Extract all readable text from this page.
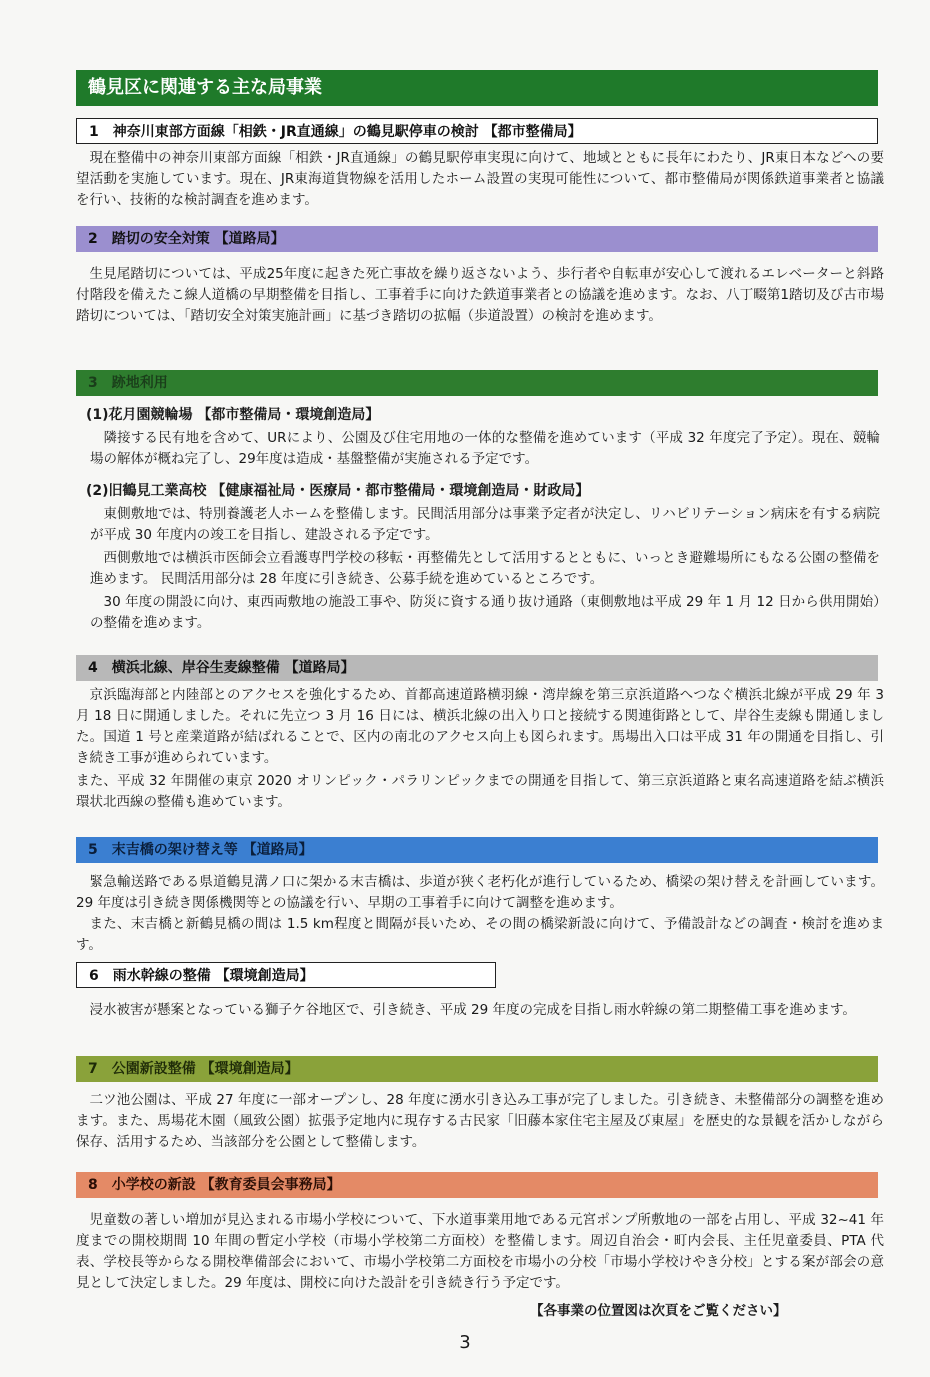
鶴見区に関連する主な局事業
1　神奈川東部方面線「相鉄・JR直通線」の鶴見駅停車の検討 【都市整備局】
現在整備中の神奈川東部方面線「相鉄・JR直通線」の鶴見駅停車実現に向けて、地域とともに長年にわたり、JR東日本などへの要望活動を実施しています。現在、JR東海道貨物線を活用したホーム設置の実現可能性について、都市整備局が関係鉄道事業者と協議を行い、技術的な検討調査を進めます。
2　踏切の安全対策 【道路局】
生見尾踏切については、平成25年度に起きた死亡事故を繰り返さないよう、歩行者や自転車が安心して渡れるエレベーターと斜路付階段を備えたこ線人道橋の早期整備を目指し、工事着手に向けた鉄道事業者との協議を進めます。なお、八丁畷第1踏切及び古市場踏切については、「踏切安全対策実施計画」に基づき踏切の拡幅（歩道設置）の検討を進めます。
3　跡地利用
(1)花月園競輪場 【都市整備局・環境創造局】
隣接する民有地を含めて、URにより、公園及び住宅用地の一体的な整備を進めています（平成 32 年度完了予定）。現在、競輪場の解体が概ね完了し、29年度は造成・基盤整備が実施される予定です。
(2)旧鶴見工業高校 【健康福祉局・医療局・都市整備局・環境創造局・財政局】
東側敷地では、特別養護老人ホームを整備します。民間活用部分は事業予定者が決定し、リハビリテーション病床を有する病院が平成 30 年度内の竣工を目指し、建設される予定です。
西側敷地では横浜市医師会立看護専門学校の移転・再整備先として活用するとともに、いっとき避難場所にもなる公園の整備を進めます。 民間活用部分は 28 年度に引き続き、公募手続を進めているところです。
30 年度の開設に向け、東西両敷地の施設工事や、防災に資する通り抜け通路（東側敷地は平成 29 年 1 月 12 日から供用開始）の整備を進めます。
4　横浜北線、岸谷生麦線整備 【道路局】
京浜臨海部と内陸部とのアクセスを強化するため、首都高速道路横羽線・湾岸線を第三京浜道路へつなぐ横浜北線が平成 29 年 3 月 18 日に開通しました。それに先立つ 3 月 16 日には、横浜北線の出入り口と接続する関連街路として、岸谷生麦線も開通しました。国道 1 号と産業道路が結ばれることで、区内の南北のアクセス向上も図られます。馬場出入口は平成 31 年の開通を目指し、引き続き工事が進められています。
また、平成 32 年開催の東京 2020 オリンピック・パラリンピックまでの開通を目指して、第三京浜道路と東名高速道路を結ぶ横浜環状北西線の整備も進めています。
5　末吉橋の架け替え等 【道路局】
緊急輸送路である県道鶴見溝ノ口に架かる末吉橋は、歩道が狭く老朽化が進行しているため、橋梁の架け替えを計画しています。29 年度は引き続き関係機関等との協議を行い、早期の工事着手に向けて調整を進めます。
また、末吉橋と新鶴見橋の間は 1.5 km程度と間隔が長いため、その間の橋梁新設に向けて、予備設計などの調査・検討を進めます。
6　雨水幹線の整備 【環境創造局】
浸水被害が懸案となっている獅子ケ谷地区で、引き続き、平成 29 年度の完成を目指し雨水幹線の第二期整備工事を進めます。
7　公園新設整備 【環境創造局】
二ツ池公園は、平成 27 年度に一部オープンし、28 年度に湧水引き込み工事が完了しました。引き続き、未整備部分の調整を進めます。また、馬場花木園（風致公園）拡張予定地内に現存する古民家「旧藤本家住宅主屋及び東屋」を歴史的な景観を活かしながら保存、活用するため、当該部分を公園として整備します。
8　小学校の新設 【教育委員会事務局】
児童数の著しい増加が見込まれる市場小学校について、下水道事業用地である元宮ポンプ所敷地の一部を占用し、平成 32~41 年度までの開校期間 10 年間の暫定小学校（市場小学校第二方面校）を整備します。周辺自治会・町内会長、主任児童委員、PTA 代表、学校長等からなる開校準備部会において、市場小学校第二方面校を市場小の分校「市場小学校けやき分校」とする案が部会の意見として決定しました。29 年度は、開校に向けた設計を引き続き行う予定です。
【各事業の位置図は次頁をご覧ください】
3
